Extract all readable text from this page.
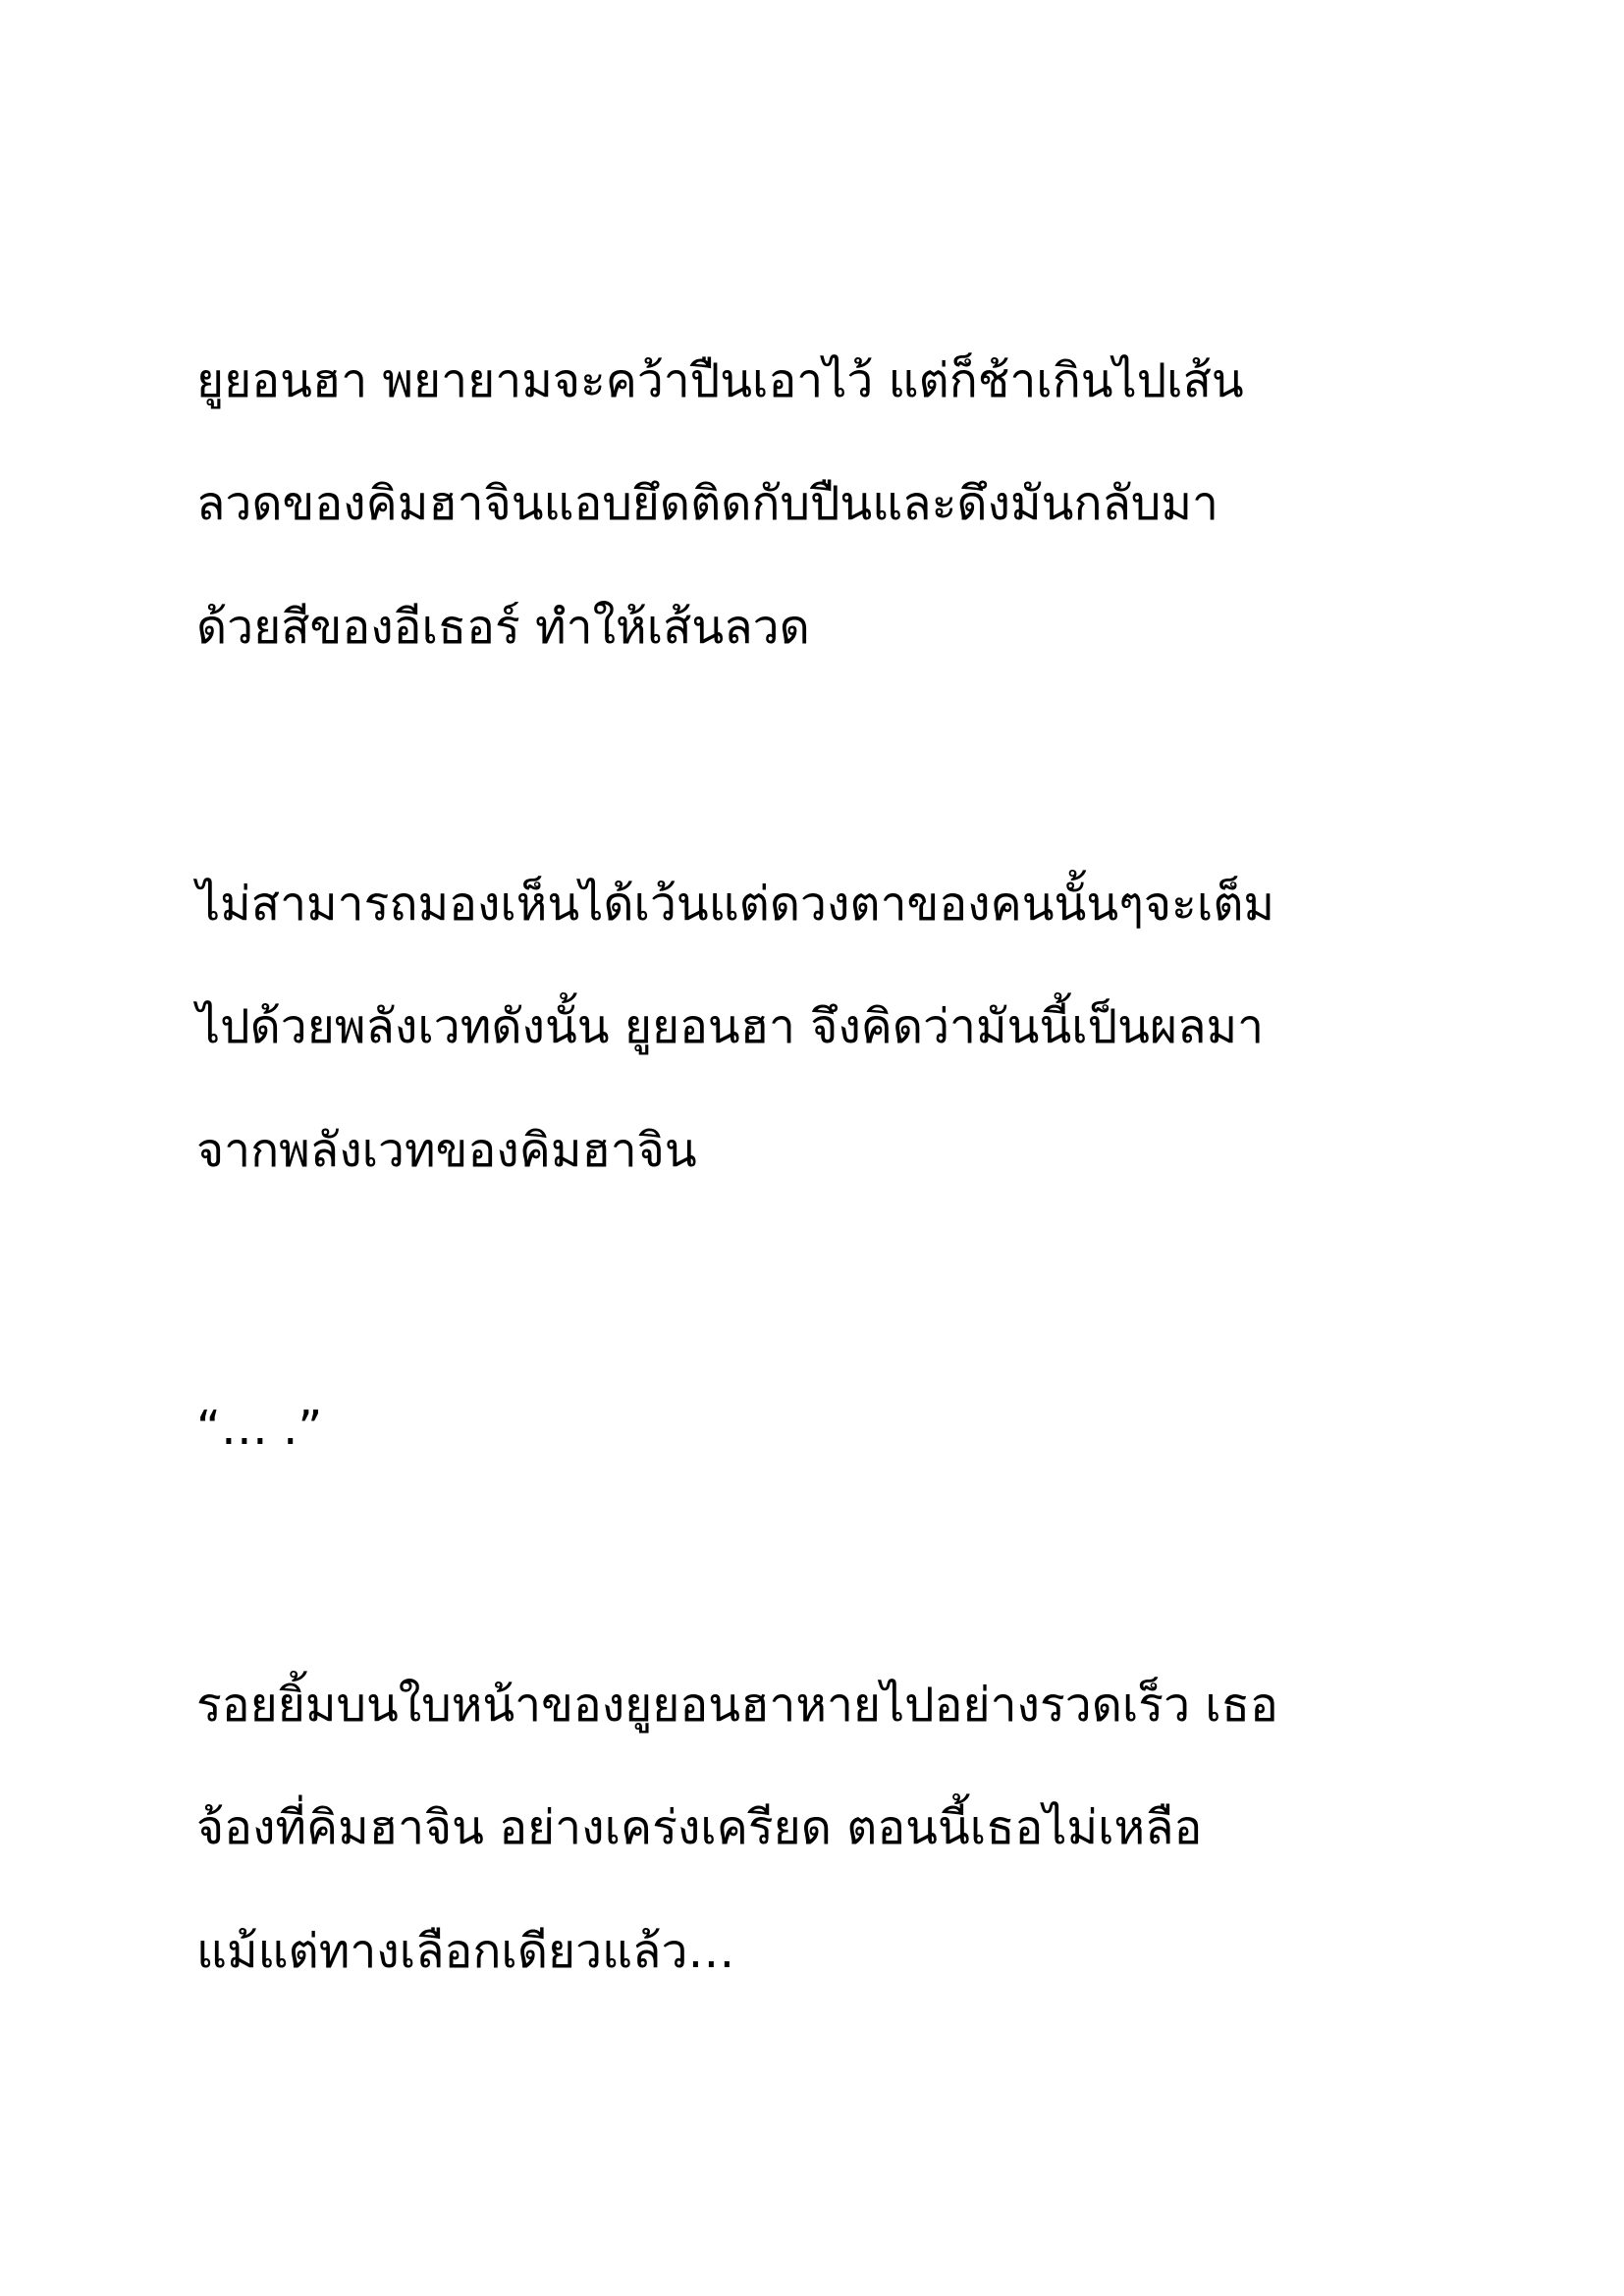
ยูยอนฮา พยายามจะคว้าปืนเอาไว้ แต่ก็ช้าเกินไปเส้น
ลวดของคิมฮาจินแอบยึดติดกับปืนและดึงมันกลับมา
ด้วยสีของอีเธอร์ ทำให้เส้นลวด
ไม่สามารถมองเห็นได้เว้นแต่ดวงตาของคนนั้นๆจะเต็ม
ไปด้วยพลังเวทดังนั้น ยูยอนฮา จึงคิดว่ามันนี้เป็นผลมา
จากพลังเวทของคิมฮาจิน
“… .”
รอยยิ้มบนใบหน้าของยูยอนฮาหายไปอย่างรวดเร็ว เธอ
จ้องที่คิมฮาจิน อย่างเคร่งเครียด ตอนนี้เธอไม่เหลือ
แม้แต่ทางเลือกเดียวแล้ว…
